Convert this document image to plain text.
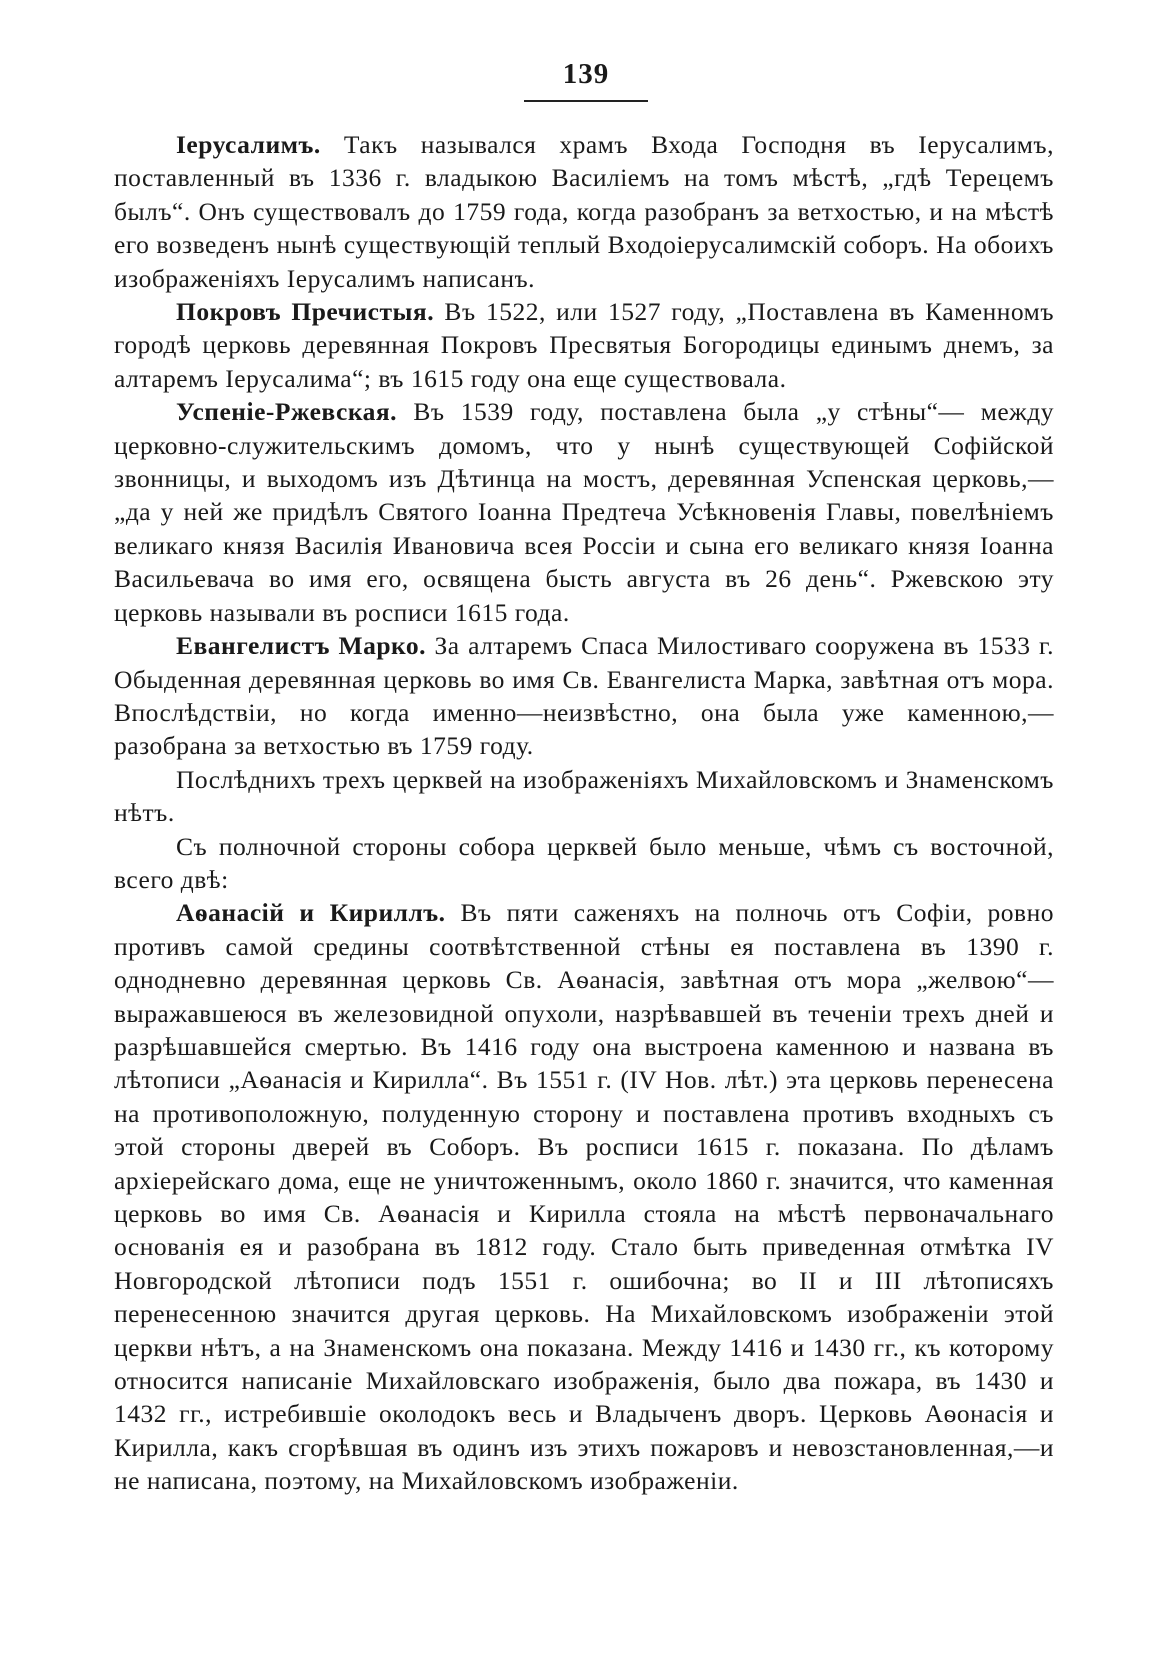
139

Іерусалимъ. Такъ назывался храмъ Входа Господня въ Іерусалимъ, поставленный въ 1336 г. владыкою Василіемъ на томъ мѣстѣ, „гдѣ Терецемъ былъ“. Онъ существовалъ до 1759 года, когда разобранъ за ветхостью, и на мѣстѣ его возведенъ нынѣ существующій теплый Входоіерусалимскій соборъ. На обоихъ изображеніяхъ Іерусалимъ написанъ.

Покровъ Пречистыя. Въ 1522, или 1527 году, „Поставлена въ Каменномъ городѣ церковь деревянная Покровъ Пресвятыя Богородицы единымъ днемъ, за алтаремъ Іерусалима“; въ 1615 году она еще существовала.

Успеніе-Ржевская. Въ 1539 году, поставлена была „у стѣны“— между церковно-служительскимъ домомъ, что у нынѣ существующей Софійской звонницы, и выходомъ изъ Дѣтинца на мостъ, деревянная Успенская церковь,— „да у ней же придѣлъ Святого Іоанна Предтеча Усѣкновенія Главы, повелѣніемъ великаго князя Василія Ивановича всея Россіи и сына его великаго князя Іоанна Васильевача во имя его, освящена бысть августа въ 26 день“. Ржевскою эту церковь называли въ росписи 1615 года.

Евангелистъ Марко. За алтаремъ Спаса Милостиваго сооружена въ 1533 г. Обыденная деревянная церковь во имя Св. Евангелиста Марка, завѣтная отъ мора. Впослѣдствіи, но когда именно—неизвѣстно, она была уже каменною,—разобрана за ветхостью въ 1759 году.

Послѣднихъ трехъ церквей на изображеніяхъ Михайловскомъ и Знаменскомъ нѣтъ.

Съ полночной стороны собора церквей было меньше, чѣмъ съ восточной, всего двѣ:

Аѳанасій и Кириллъ. Въ пяти саженяхъ на полночь отъ Софіи, ровно противъ самой средины соотвѣтственной стѣны ея поставлена въ 1390 г. однодневно деревянная церковь Св. Аѳанасія, завѣтная отъ мора „желвою“—выражавшеюся въ железовидной опухоли, назрѣвавшей въ теченіи трехъ дней и разрѣшавшейся смертью. Въ 1416 году она выстроена каменною и названа въ лѣтописи „Аѳанасія и Кирилла“. Въ 1551 г. (IV Нов. лѣт.) эта церковь перенесена на противоположную, полуденную сторону и поставлена противъ входныхъ съ этой стороны дверей въ Соборъ. Въ росписи 1615 г. показана. По дѣламъ архіерейскаго дома, еще не уничтоженнымъ, около 1860 г. значится, что каменная церковь во имя Св. Аѳанасія и Кирилла стояла на мѣстѣ первоначальнаго основанія ея и разобрана въ 1812 году. Стало быть приведенная отмѣтка IV Новгородской лѣтописи подъ 1551 г. ошибочна; во II и III лѣтописяхъ перенесенною значится другая церковь. На Михайловскомъ изображеніи этой церкви нѣтъ, а на Знаменскомъ она показана. Между 1416 и 1430 гг., къ которому относится написаніе Михайловскаго изображенія, было два пожара, въ 1430 и 1432 гг., истребившіе околодокъ весь и Владыченъ дворъ. Церковь Аѳонасія и Кирилла, какъ сгорѣвшая въ одинъ изъ этихъ пожаровъ и невозстановленная,—и не написана, поэтому, на Михайловскомъ изображеніи.
